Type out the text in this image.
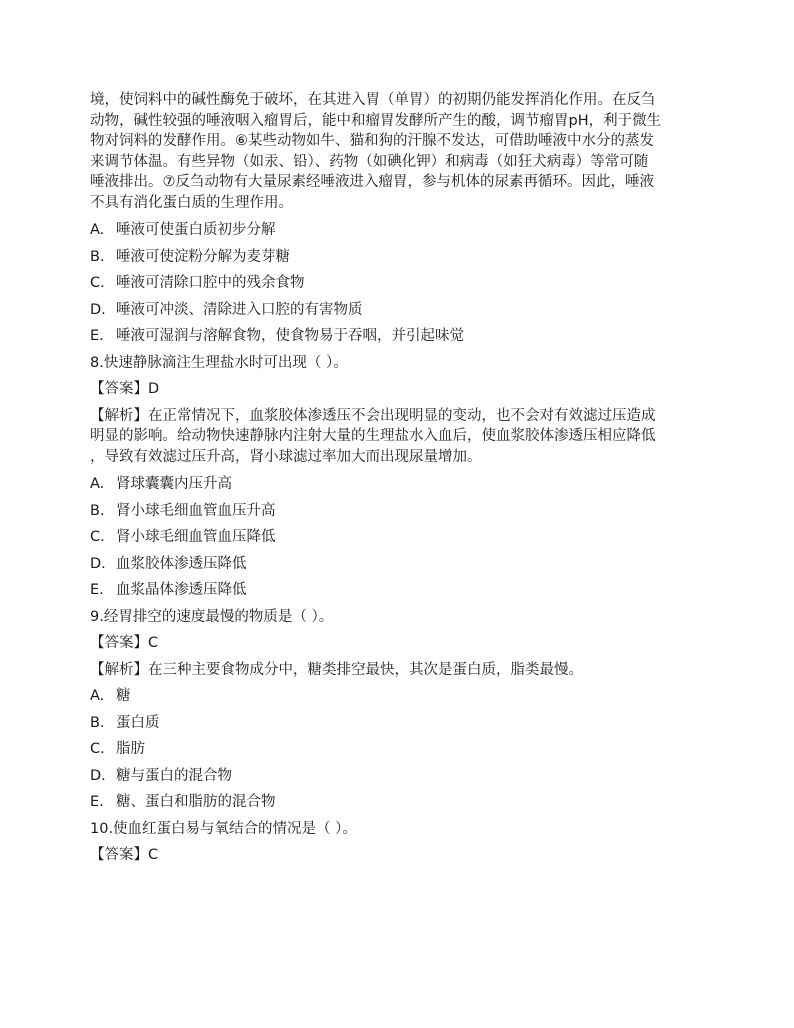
境，使饲料中的碱性酶免于破坏，在其进入胃（单胃）的初期仍能发挥消化作用。在反刍
动物，碱性较强的唾液咽入瘤胃后，能中和瘤胃发酵所产生的酸，调节瘤胃pH，利于微生
物对饲料的发酵作用。⑥某些动物如牛、猫和狗的汗腺不发达，可借助唾液中水分的蒸发
来调节体温。有些异物（如汞、铅）、药物（如碘化钾）和病毒（如狂犬病毒）等常可随
唾液排出。⑦反刍动物有大量尿素经唾液进入瘤胃，参与机体的尿素再循环。因此，唾液
不具有消化蛋白质的生理作用。
A. 唾液可使蛋白质初步分解
B. 唾液可使淀粉分解为麦芽糖
C. 唾液可清除口腔中的残余食物
D. 唾液可冲淡、清除进入口腔的有害物质
E. 唾液可湿润与溶解食物，使食物易于吞咽，并引起味觉
8.快速静脉滴注生理盐水时可出现（ ）。
【答案】D
【解析】在正常情况下，血浆胶体渗透压不会出现明显的变动，也不会对有效滤过压造成
明显的影响。给动物快速静脉内注射大量的生理盐水入血后，使血浆胶体渗透压相应降低
，导致有效滤过压升高，肾小球滤过率加大而出现尿量增加。
A. 肾球囊囊内压升高
B. 肾小球毛细血管血压升高
C. 肾小球毛细血管血压降低
D. 血浆胶体渗透压降低
E. 血浆晶体渗透压降低
9.经胃排空的速度最慢的物质是（ ）。
【答案】C
【解析】在三种主要食物成分中，糖类排空最快，其次是蛋白质，脂类最慢。
A. 糖
B. 蛋白质
C. 脂肪
D. 糖与蛋白的混合物
E. 糖、蛋白和脂肪的混合物
10.使血红蛋白易与氧结合的情况是（ ）。
【答案】C
